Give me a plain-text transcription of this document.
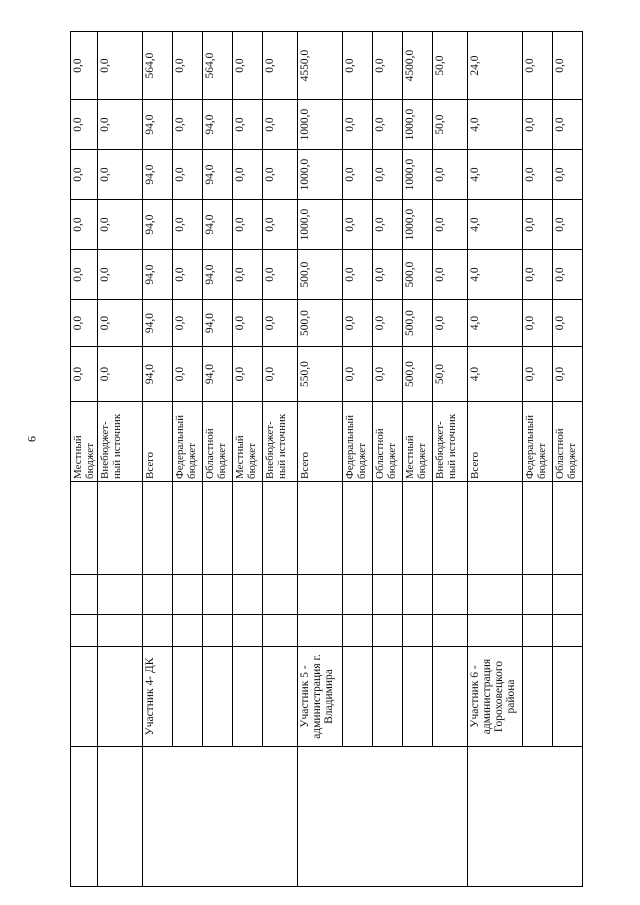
9
						Местный бюджет	0,0	0,0	0,0	0,0	0,0	0,0	0,0
					Внебюджет-ный источник	0,0	0,0	0,0	0,0	0,0	0,0	0,0
	Участник 4- ДК				Всего	94,0	94,0	94,0	94,0	94,0	94,0	564,0
					Федеральный бюджет	0,0	0,0	0,0	0,0	0,0	0,0	0,0
					Областной бюджет	94,0	94,0	94,0	94,0	94,0	94,0	564,0
					Местный бюджет	0,0	0,0	0,0	0,0	0,0	0,0	0,0
					Внебюджет-ный источник	0,0	0,0	0,0	0,0	0,0	0,0	0,0
	Участник 5 - администрация г. Владимира				Всего	550,0	500,0	500,0	1000,0	1000,0	1000,0	4550,0
					Федеральный бюджет	0,0	0,0	0,0	0,0	0,0	0,0	0,0
					Областной бюджет	0,0	0,0	0,0	0,0	0,0	0,0	0,0
					Местный бюджет	500,0	500,0	500,0	1000,0	1000,0	1000,0	4500,0
					Внебюджет-ный источник	50,0	0,0	0,0	0,0	0,0	50,0	50,0
	Участник 6 - администрация Гороховецкого района				Всего	4,0	4,0	4,0	4,0	4,0	4,0	24,0
					Федеральный бюджет	0,0	0,0	0,0	0,0	0,0	0,0	0,0
					Областной бюджет	0,0	0,0	0,0	0,0	0,0	0,0	0,0
